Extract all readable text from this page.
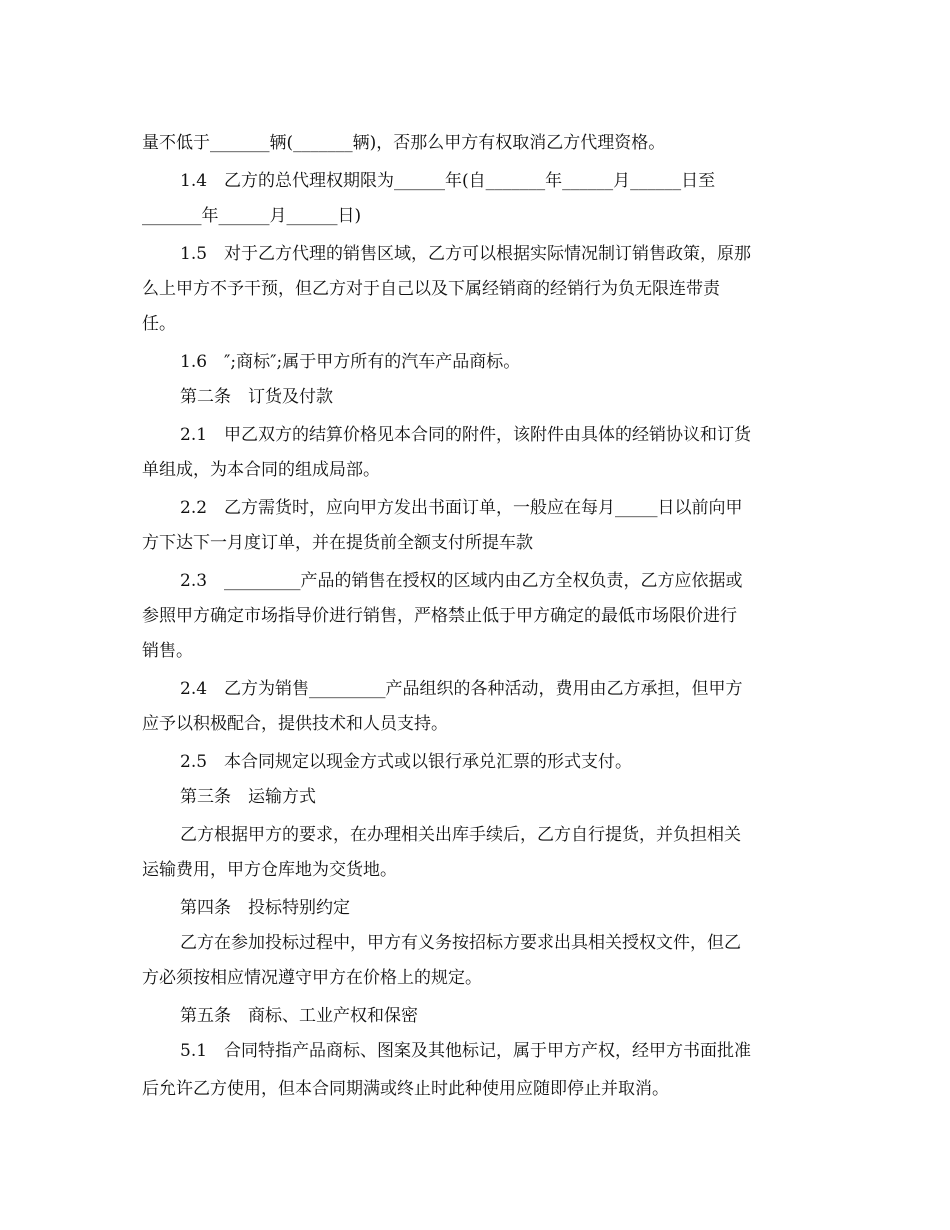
量不低于_______辆(_______辆)，否那么甲方有权取消乙方代理资格。
1.4　乙方的总代理权期限为______年(自_______年______月______日至
_______年______月______日)
1.5　对于乙方代理的销售区域，乙方可以根据实际情况制订销售政策，原那
么上甲方不予干预，但乙方对于自己以及下属经销商的经销行为负无限连带责
任。
1.6　″;商标″;属于甲方所有的汽车产品商标。
第二条　订货及付款
2.1　甲乙双方的结算价格见本合同的附件，该附件由具体的经销协议和订货
单组成，为本合同的组成局部。
2.2　乙方需货时，应向甲方发出书面订单，一般应在每月_____日以前向甲
方下达下一月度订单，并在提货前全额支付所提车款
2.3　_________产品的销售在授权的区域内由乙方全权负责，乙方应依据或
参照甲方确定市场指导价进行销售，严格禁止低于甲方确定的最低市场限价进行
销售。
2.4　乙方为销售_________产品组织的各种活动，费用由乙方承担，但甲方
应予以积极配合，提供技术和人员支持。
2.5　本合同规定以现金方式或以银行承兑汇票的形式支付。
第三条　运输方式
乙方根据甲方的要求，在办理相关出库手续后，乙方自行提货，并负担相关
运输费用，甲方仓库地为交货地。
第四条　投标特别约定
乙方在参加投标过程中，甲方有义务按招标方要求出具相关授权文件，但乙
方必须按相应情况遵守甲方在价格上的规定。
第五条　商标、工业产权和保密
5.1　合同特指产品商标、图案及其他标记，属于甲方产权，经甲方书面批准
后允许乙方使用，但本合同期满或终止时此种使用应随即停止并取消。
